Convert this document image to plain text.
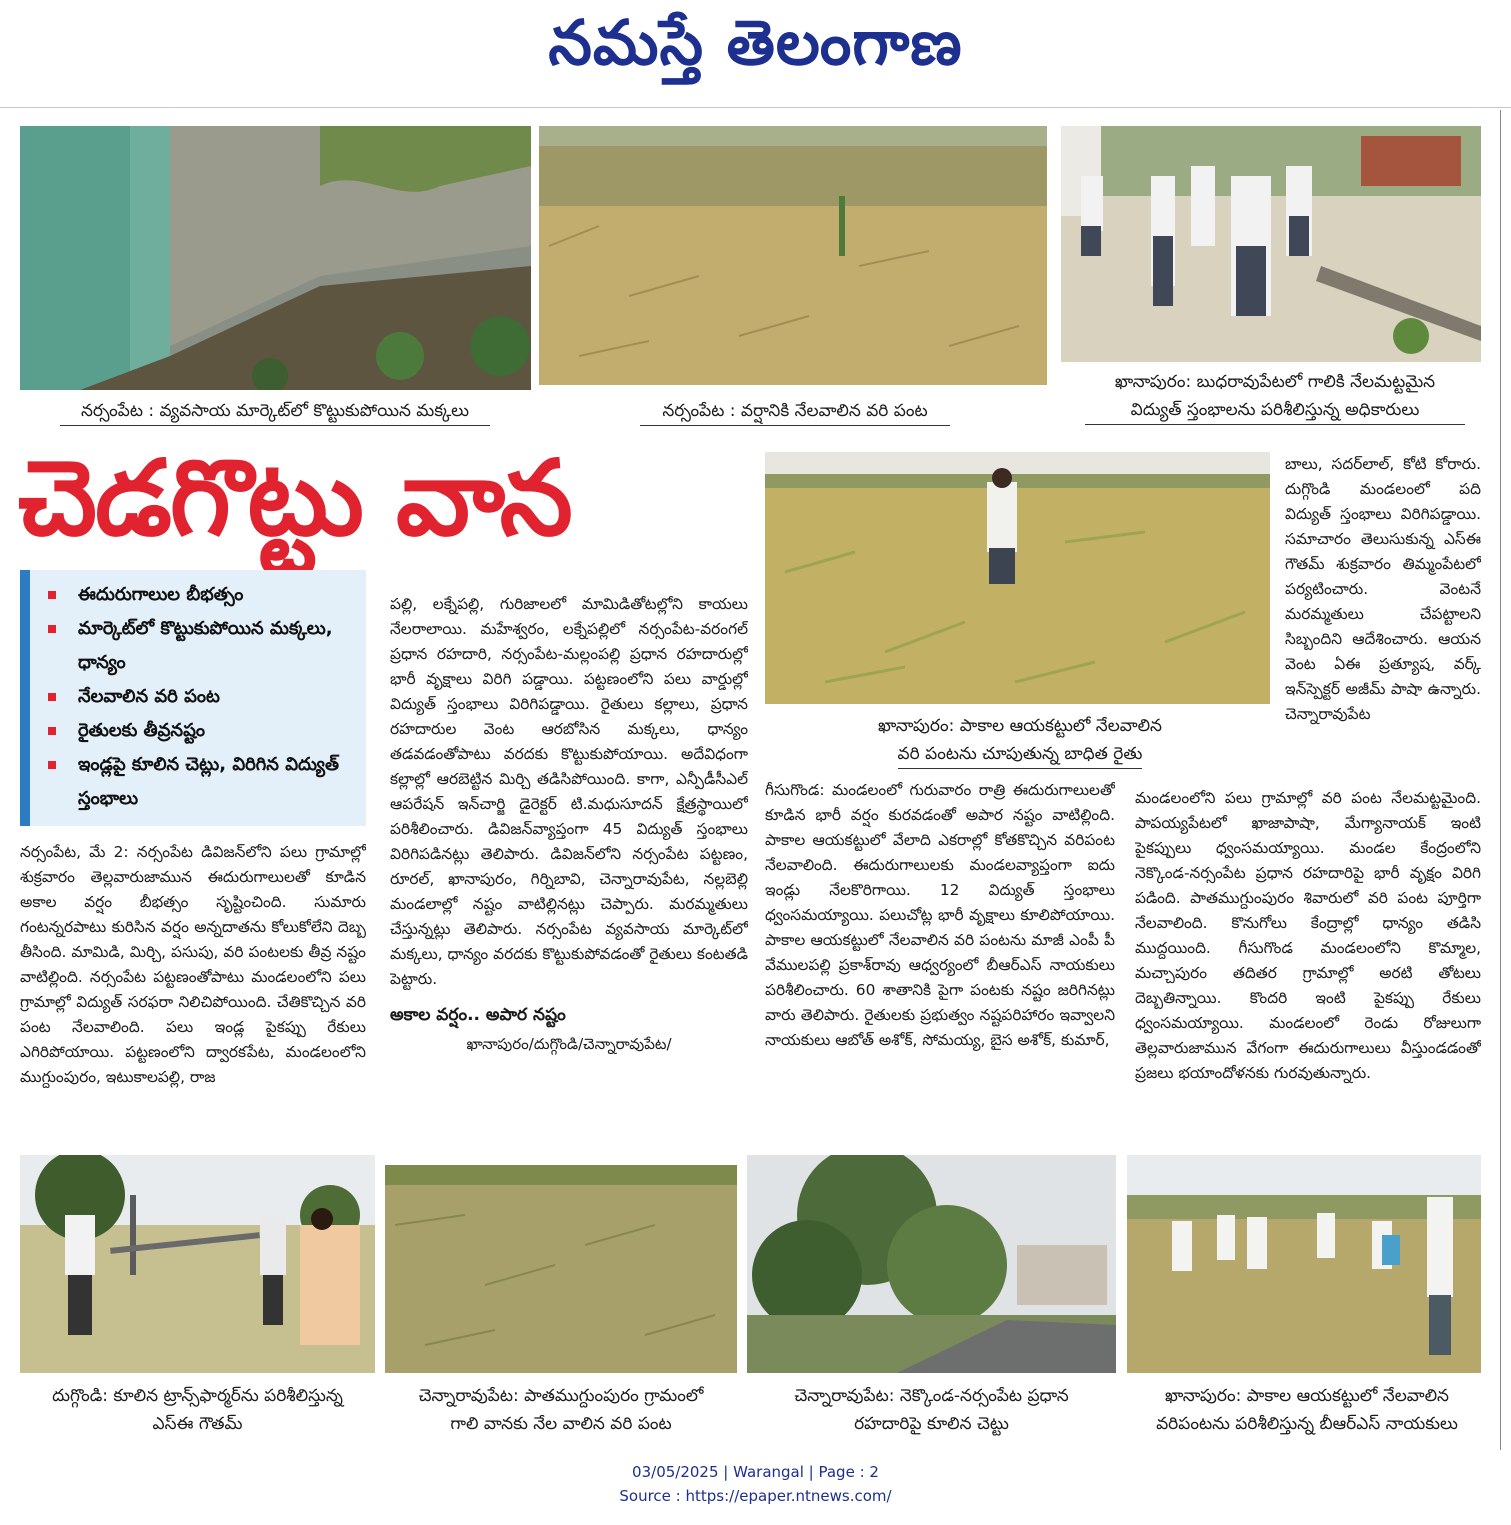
నమస్తే తెలంగాణ
నర్సంపేట : వ్యవసాయ మార్కెట్‌లో కొట్టుకుపోయిన మక్కలు	నర్సంపేట : వర్షానికి నేలవాలిన వరి పంట
ఖానాపురం: బుధరావుపేటలో గాలికి నేలమట్టమైన
విద్యుత్ స్తంభాలను పరిశీలిస్తున్న అధికారులు
చెడగొట్టు వాన
ఈదురుగాలుల బీభత్సం
మార్కెట్‌లో కొట్టుకుపోయిన మక్కలు, ధాన్యం
నేలవాలిన వరి పంట
రైతులకు తీవ్రనష్టం
ఇండ్లపై కూలిన చెట్లు, విరిగిన విద్యుత్ స్తంభాలు
ఖానాపురం: పాకాల ఆయకట్టులో నేలవాలిన
వరి పంటను చూపుతున్న బాధిత రైతు

నర్సంపేట, మే 2: నర్సంపేట డివిజన్‌లోని పలు గ్రామాల్లో శుక్రవారం తెల్లవారుజామున ఈదురుగాలులతో కూడిన అకాల వర్షం బీభత్సం సృష్టించింది. సుమారు గంటన్నరపాటు కురిసిన వర్షం అన్నదాతను కోలుకోలేని దెబ్బ తీసింది. మామిడి, మిర్చి, పసుపు, వరి పంటలకు తీవ్ర నష్టం వాటిల్లింది. నర్సంపేట పట్టణంతోపాటు మండలంలోని పలు గ్రామాల్లో విద్యుత్ సరఫరా నిలిచిపోయింది. చేతికొచ్చిన వరి పంట నేలవాలింది. పలు ఇండ్ల పైకప్పు రేకులు ఎగిరిపోయాయి. పట్టణంలోని ద్వారకపేట, మండలంలోని ముగ్దుంపురం, ఇటుకాలపల్లి, రాజ

పల్లి, లక్నేపల్లి, గురిజాలలో మామిడితోటల్లోని కాయలు నేలరాలాయి. మహేశ్వరం, లక్నేపల్లిలో నర్సంపేట-వరంగల్ ప్రధాన రహదారి, నర్సంపేట-మల్లంపల్లి ప్రధాన రహదారుల్లో భారీ వృక్షాలు విరిగి పడ్డాయి. పట్టణంలోని పలు వార్డుల్లో విద్యుత్ స్తంభాలు విరిగిపడ్డాయి. రైతులు కల్లాలు, ప్రధాన రహదారుల వెంట ఆరబోసిన మక్కలు, ధాన్యం తడవడంతోపాటు వరదకు కొట్టుకుపోయాయి. అదేవిధంగా కల్లాల్లో ఆరబెట్టిన మిర్చి తడిసిపోయింది. కాగా, ఎన్పీడీసీఎల్ ఆపరేషన్ ఇన్‌చార్జి డైరెక్టర్ టి.మధుసూదన్ క్షేత్రస్థాయిలో పరిశీలించారు. డివిజన్‌వ్యాప్తంగా 45 విద్యుత్ స్తంభాలు విరిగిపడినట్లు తెలిపారు. డివిజన్‌లోని నర్సంపేట పట్టణం, రూరల్, ఖానాపురం, గిర్నిబావి, చెన్నారావుపేట, నల్లబెల్లి మండలాల్లో నష్టం వాటిల్లినట్లు చెప్పారు. మరమ్మతులు చేస్తున్నట్లు తెలిపారు. నర్సంపేట వ్యవసాయ మార్కెట్‌లో మక్కలు, ధాన్యం వరదకు కొట్టుకుపోవడంతో రైతులు కంటతడి పెట్టారు.

అకాల వర్షం.. అపార నష్టం
ఖానాపురం/దుగ్గొండి/చెన్నారావుపేట/

గీసుగొండ: మండలంలో గురువారం రాత్రి ఈదురుగాలులతో కూడిన భారీ వర్షం కురవడంతో అపార నష్టం వాటిల్లింది. పాకాల ఆయకట్టులో వేలాది ఎకరాల్లో కోతకొచ్చిన వరిపంట నేలవాలింది. ఈదురుగాలులకు మండలవ్యాప్తంగా ఐదు ఇండ్లు నేలకొరిగాయి. 12 విద్యుత్ స్తంభాలు ధ్వంసమయ్యాయి. పలుచోట్ల భారీ వృక్షాలు కూలిపోయాయి. పాకాల ఆయకట్టులో నేలవాలిన వరి పంటను మాజీ ఎంపీ పీ వేములపల్లి ప్రకాశ్‌రావు ఆధ్వర్యంలో బీఆర్‌ఎస్ నాయకులు పరిశీలించారు. 60 శాతానికి పైగా పంటకు నష్టం జరిగినట్లు వారు తెలిపారు. రైతులకు ప్రభుత్వం నష్టపరిహారం ఇవ్వాలని నాయకులు ఆబోత్ అశోక్, సోమయ్య, బైస అశోక్, కుమార్,

బాలు, సదర్‌లాల్, కోటి కోరారు. దుగ్గొండి మండలంలో పది విద్యుత్ స్తంభాలు విరిగిపడ్డాయి. సమాచారం తెలుసుకున్న ఎస్‌ఈ గౌతమ్ శుక్రవారం తిమ్మంపేటలో పర్యటించారు. వెంటనే మరమ్మతులు చేపట్టాలని సిబ్బందిని ఆదేశించారు. ఆయన వెంట ఏఈ ప్రత్యూష, వర్క్ ఇన్‌స్పెక్టర్ అజీమ్ పాషా ఉన్నారు. చెన్నారావుపేట

మండలంలోని పలు గ్రామాల్లో వరి పంట నేలమట్టమైంది. పాపయ్యపేటలో ఖాజాపాషా, మేగ్యానాయక్ ఇంటి పైకప్పులు ధ్వంసమయ్యాయి. మండల కేంద్రంలోని నెక్కొండ-నర్సంపేట ప్రధాన రహదారిపై భారీ వృక్షం విరిగి పడింది. పాతముగ్దుంపురం శివారులో వరి పంట పూర్తిగా నేలవాలింది. కొనుగోలు కేంద్రాల్లో ధాన్యం తడిసి ముద్దయింది. గీసుగొండ మండలంలోని కొమ్మాల, మచ్చాపురం తదితర గ్రామాల్లో అరటి తోటలు దెబ్బతిన్నాయి. కొందరి ఇంటి పైకప్పు రేకులు ధ్వంసమయ్యాయి. మండలంలో రెండు రోజులుగా తెల్లవారుజామున వేగంగా ఈదురుగాలులు వీస్తుండడంతో ప్రజలు భయాందోళనకు గురవుతున్నారు.

దుగ్గొండి: కూలిన ట్రాన్స్‌ఫార్మర్‌ను పరిశీలిస్తున్న
ఎస్‌ఈ గౌతమ్
చెన్నారావుపేట: పాతముగ్దుంపురం గ్రామంలో
గాలి వానకు నేల వాలిన వరి పంట
చెన్నారావుపేట: నెక్కొండ-నర్సంపేట ప్రధాన
రహదారిపై కూలిన చెట్టు
ఖానాపురం: పాకాల ఆయకట్టులో నేలవాలిన
వరిపంటను పరిశీలిస్తున్న బీఆర్‌ఎస్ నాయకులు
03/05/2025 | Warangal | Page : 2
Source : https://epaper.ntnews.com/
